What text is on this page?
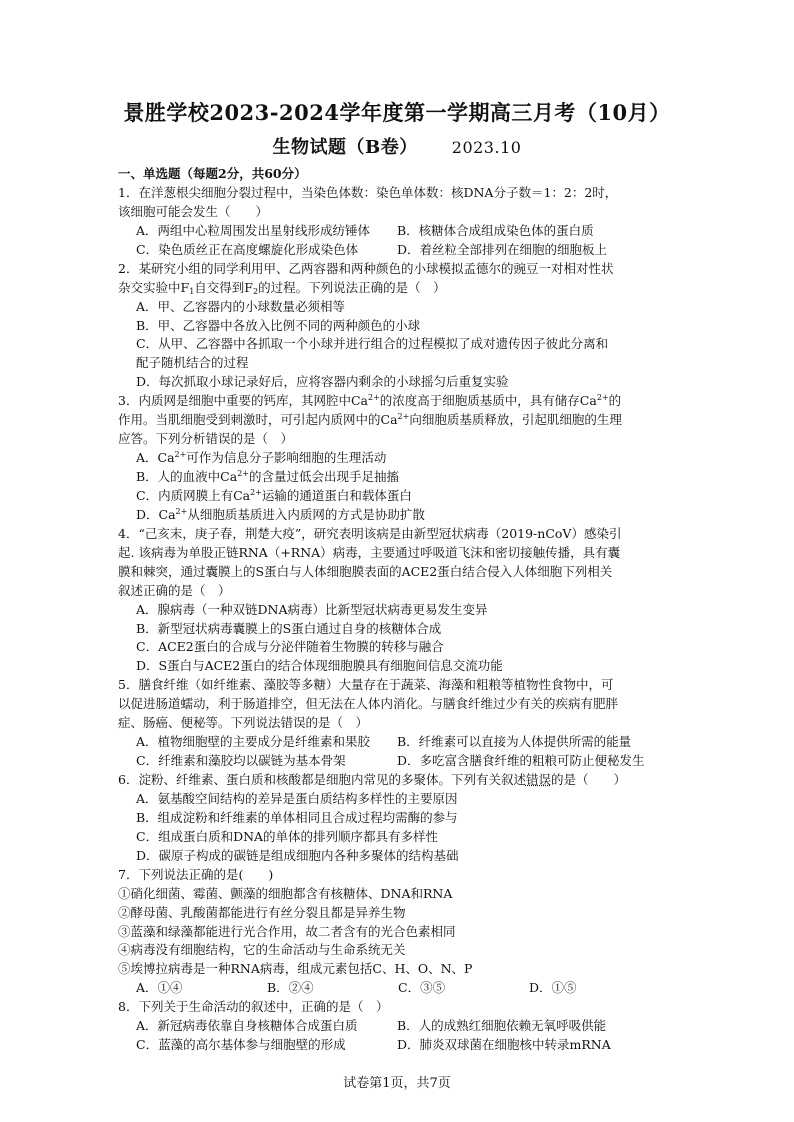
景胜学校2023-2024学年度第一学期高三月考（10月）
生物试题（B卷） 2023.10
一、单选题（每题2分，共60分）
1．在洋葱根尖细胞分裂过程中，当染色体数：染色单体数：核DNA分子数＝1：2：2时，
该细胞可能会发生（　　）
A．两组中心粒周围发出星射线形成纺锤体	B．核糖体合成组成染色体的蛋白质
C．染色质丝正在高度螺旋化形成染色体	D．着丝粒全部排列在细胞的细胞板上
2．某研究小组的同学利用甲、乙两容器和两种颜色的小球模拟孟德尔的豌豆一对相对性状
杂交实验中$F_1$自交得到$F_2$的过程。下列说法正确的是（　）
A．甲、乙容器内的小球数量必须相等
B．甲、乙容器中各放入比例不同的两种颜色的小球
C．从甲、乙容器中各抓取一个小球并进行组合的过程模拟了成对遗传因子彼此分离和
配子随机结合的过程
D．每次抓取小球记录好后，应将容器内剩余的小球摇匀后重复实验
3．内质网是细胞中重要的钙库，其网腔中$Ca^{2+}$的浓度高于细胞质基质中，具有储存$Ca^{2+}$的
作用。当肌细胞受到刺激时，可引起内质网中的$Ca^{2+}$向细胞质基质释放，引起肌细胞的生理
应答。下列分析错误的是（　）
A．$Ca^{2+}$可作为信息分子影响细胞的生理活动
B．人的血液中$Ca^{2+}$的含量过低会出现手足抽搐
C．内质网膜上有$Ca^{2+}$运输的通道蛋白和载体蛋白
D．$Ca^{2+}$从细胞质基质进入内质网的方式是协助扩散
4．“己亥末，庚子春，荆楚大疫”，研究表明该病是由新型冠状病毒（2019-nCoV）感染引
起. 该病毒为单股正链RNA（+RNA）病毒，主要通过呼吸道飞沫和密切接触传播，具有囊
膜和棘突，通过囊膜上的S蛋白与人体细胞膜表面的ACE2蛋白结合侵入人体细胞下列相关
叙述正确的是（　）
A．腺病毒（一种双链DNA病毒）比新型冠状病毒更易发生变异
B．新型冠状病毒囊膜上的S蛋白通过自身的核糖体合成
C．ACE2蛋白的合成与分泌伴随着生物膜的转移与融合
D．S蛋白与ACE2蛋白的结合体现细胞膜具有细胞间信息交流功能
5．膳食纤维（如纤维素、藻胶等多糖）大量存在于蔬菜、海藻和粗粮等植物性食物中，可
以促进肠道蠕动，利于肠道排空，但无法在人体内消化。与膳食纤维过少有关的疾病有肥胖
症、肠癌、便秘等。下列说法错误的是（　）
A．植物细胞壁的主要成分是纤维素和果胶	B．纤维素可以直接为人体提供所需的能量
C．纤维素和藻胶均以碳链为基本骨架	D．多吃富含膳食纤维的粗粮可防止便秘发生
6．淀粉、纤维素、蛋白质和核酸都是细胞内常见的多聚体。下列有关叙述错误的是（　　）
A．氨基酸空间结构的差异是蛋白质结构多样性的主要原因
B．组成淀粉和纤维素的单体相同且合成过程均需酶的参与
C．组成蛋白质和DNA的单体的排列顺序都具有多样性
D．碳原子构成的碳链是组成细胞内各种多聚体的结构基础
7．下列说法正确的是(　　)
①硝化细菌、霉菌、颤藻的细胞都含有核糖体、DNA和RNA
②酵母菌、乳酸菌都能进行有丝分裂且都是异养生物
③蓝藻和绿藻都能进行光合作用，故二者含有的光合色素相同
④病毒没有细胞结构，它的生命活动与生命系统无关
⑤埃博拉病毒是一种RNA病毒，组成元素包括C、H、O、N、P
A．①④	B．②④	C．③⑤	D．①⑤
8．下列关于生命活动的叙述中，正确的是（　）
A．新冠病毒依靠自身核糖体合成蛋白质	B．人的成熟红细胞依赖无氧呼吸供能
C．蓝藻的高尔基体参与细胞壁的形成	D．肺炎双球菌在细胞核中转录mRNA
试卷第1页，共7页
